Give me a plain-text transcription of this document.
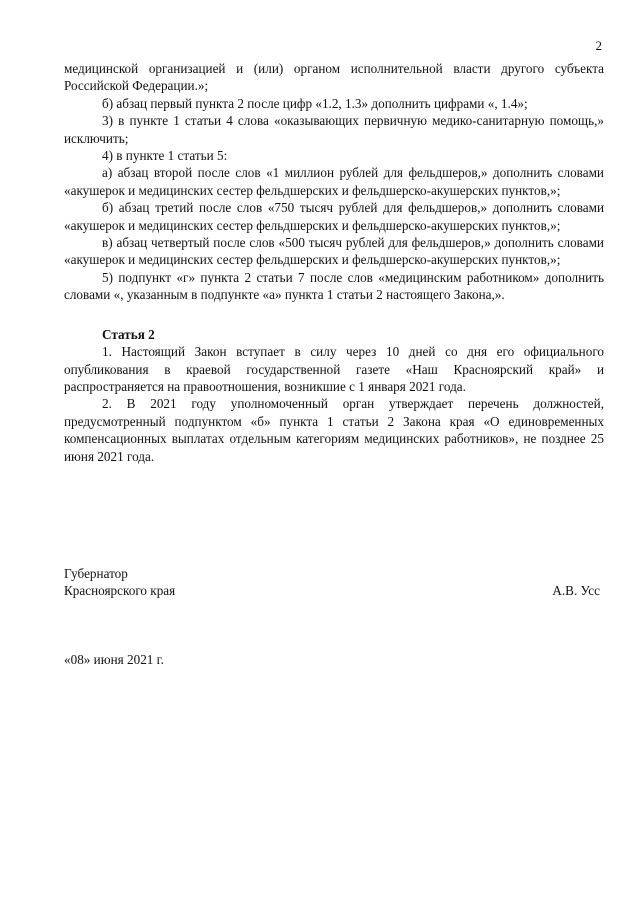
2

медицинской организацией и (или) органом исполнительной власти другого субъекта Российской Федерации.»;

б) абзац первый пункта 2 после цифр «1.2, 1.3» дополнить цифрами «, 1.4»;

3) в пункте 1 статьи 4 слова «оказывающих первичную медико-санитарную помощь,» исключить;

4) в пункте 1 статьи 5:

а) абзац второй после слов «1 миллион рублей для фельдшеров,» дополнить словами «акушерок и медицинских сестер фельдшерских и фельдшерско-акушерских пунктов,»;

б) абзац третий после слов «750 тысяч рублей для фельдшеров,» дополнить словами «акушерок и медицинских сестер фельдшерских и фельдшерско-акушерских пунктов,»;

в) абзац четвертый после слов «500 тысяч рублей для фельдшеров,» дополнить словами «акушерок и медицинских сестер фельдшерских и фельдшерско-акушерских пунктов,»;

5) подпункт «г» пункта 2 статьи 7 после слов «медицинским работником» дополнить словами «, указанным в подпункте «а» пункта 1 статьи 2 настоящего Закона,».

Статья 2

1. Настоящий Закон вступает в силу через 10 дней со дня его официального опубликования в краевой государственной газете «Наш Красноярский край» и распространяется на правоотношения, возникшие с 1 января 2021 года.

2. В 2021 году уполномоченный орган утверждает перечень должностей, предусмотренный подпунктом «б» пункта 1 статьи 2 Закона края «О единовременных компенсационных выплатах отдельным категориям медицинских работников», не позднее 25 июня 2021 года.

Губернатор
Красноярского края	А.В. Усс
«08» июня 2021 г.
